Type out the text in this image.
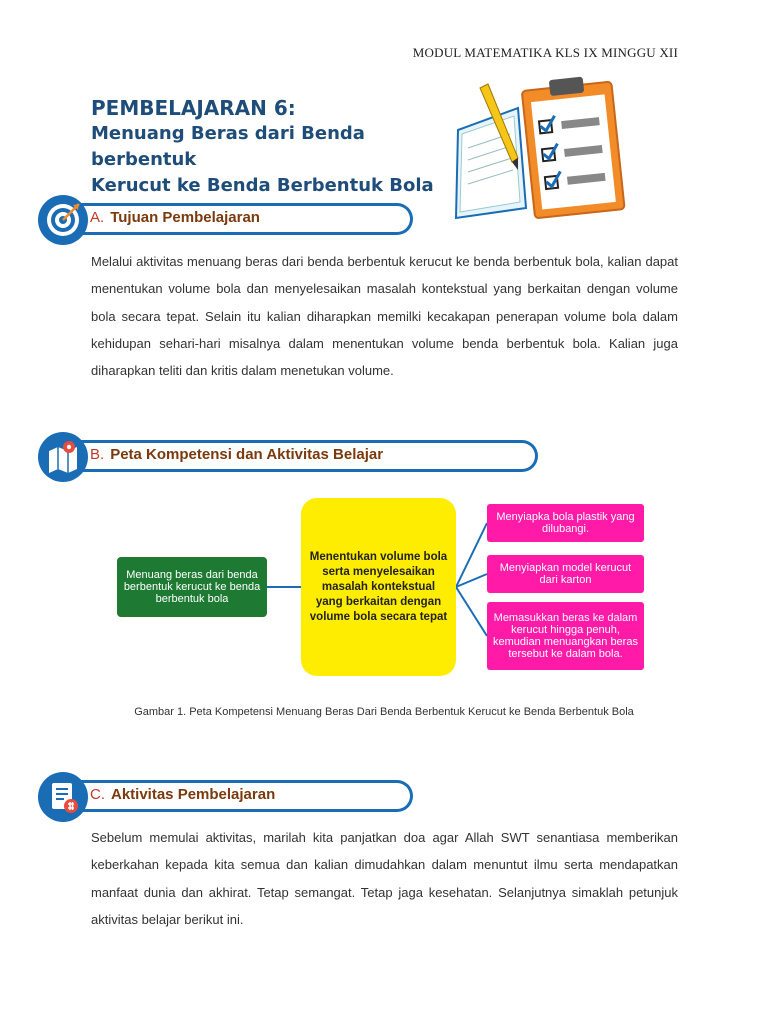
MODUL MATEMATIKA KLS IX MINGGU XII
PEMBELAJARAN 6:
Menuang Beras dari Benda berbentuk
Kerucut ke Benda Berbentuk Bola
A. Tujuan Pembelajaran
Melalui aktivitas menuang beras dari benda berbentuk kerucut ke benda berbentuk bola, kalian dapat menentukan volume bola dan menyelesaikan masalah kontekstual yang berkaitan dengan volume bola secara tepat. Selain itu kalian diharapkan memilki kecakapan penerapan volume bola dalam kehidupan sehari-hari misalnya dalam menentukan volume benda berbentuk bola. Kalian juga diharapkan teliti dan kritis dalam menetukan volume.
B. Peta Kompetensi dan Aktivitas Belajar
Menuang beras dari benda berbentuk kerucut ke benda berbentuk bola
Menentukan volume bola serta menyelesaikan masalah kontekstual yang berkaitan dengan volume bola secara tepat
Menyiapka bola plastik yang dilubangi.
Menyiapkan model kerucut dari karton
Memasukkan beras ke dalam kerucut hingga penuh, kemudian menuangkan beras tersebut ke dalam bola.
Gambar 1. Peta Kompetensi Menuang Beras Dari Benda Berbentuk Kerucut ke Benda Berbentuk Bola
C. Aktivitas Pembelajaran
Sebelum memulai aktivitas, marilah kita panjatkan doa agar Allah SWT senantiasa memberikan keberkahan kepada kita semua dan kalian dimudahkan dalam menuntut ilmu serta mendapatkan manfaat dunia dan akhirat. Tetap semangat. Tetap jaga kesehatan. Selanjutnya simaklah petunjuk aktivitas belajar berikut ini.
